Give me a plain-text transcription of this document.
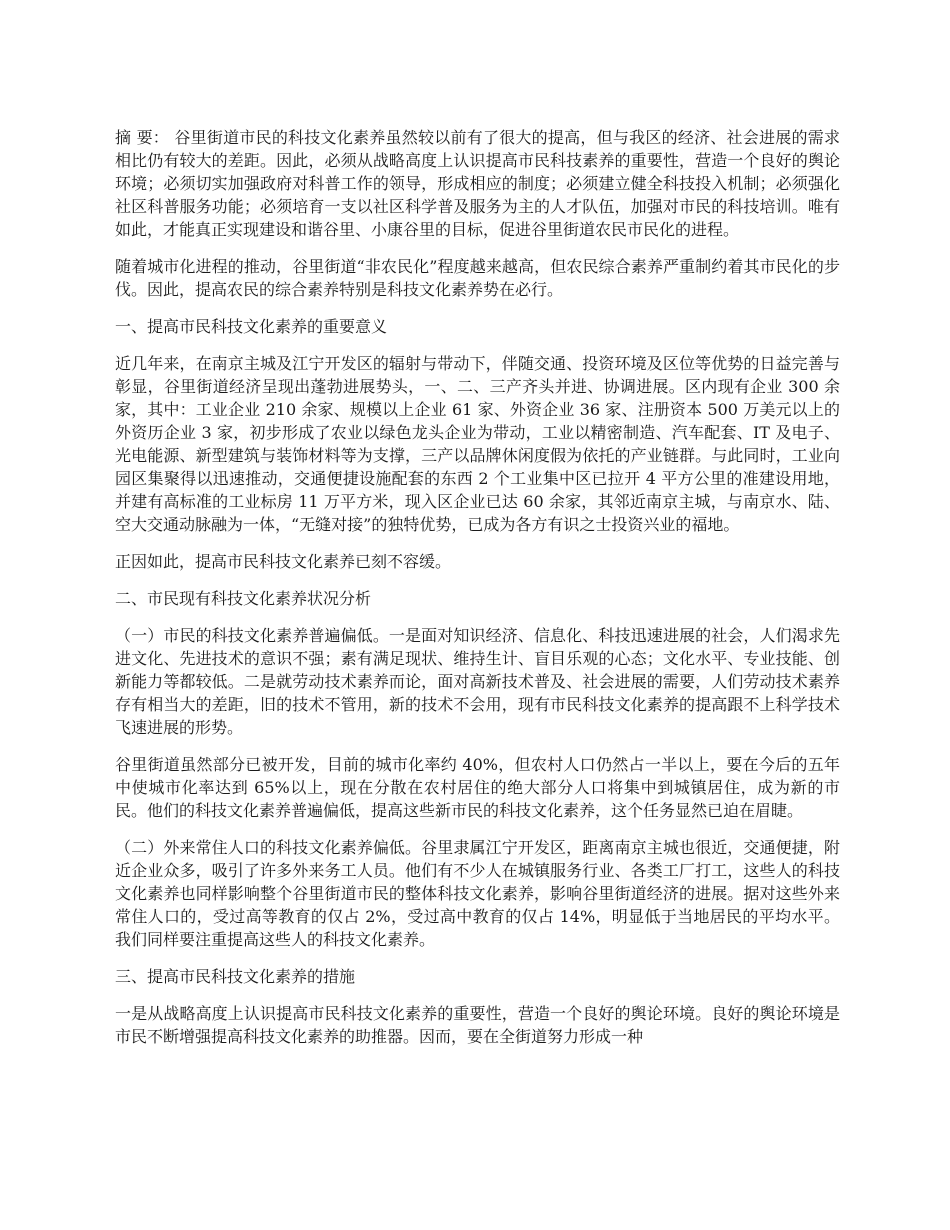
摘 要： 谷里街道市民的科技文化素养虽然较以前有了很大的提高，但与我区的经济、社会进展的需求相比仍有较大的差距。因此，必须从战略高度上认识提高市民科技素养的重要性，营造一个良好的舆论环境；必须切实加强政府对科普工作的领导，形成相应的制度；必须建立健全科技投入机制；必须强化社区科普服务功能；必须培育一支以社区科学普及服务为主的人才队伍，加强对市民的科技培训。唯有如此，才能真正实现建设和谐谷里、小康谷里的目标，促进谷里街道农民市民化的进程。

随着城市化进程的推动，谷里街道“非农民化”程度越来越高，但农民综合素养严重制约着其市民化的步伐。因此，提高农民的综合素养特别是科技文化素养势在必行。

一、提高市民科技文化素养的重要意义

近几年来，在南京主城及江宁开发区的辐射与带动下，伴随交通、投资环境及区位等优势的日益完善与彰显，谷里街道经济呈现出蓬勃进展势头，一、二、三产齐头并进、协调进展。区内现有企业 300 余家，其中：工业企业 210 余家、规模以上企业 61 家、外资企业 36 家、注册资本 500 万美元以上的外资历企业 3 家，初步形成了农业以绿色龙头企业为带动，工业以精密制造、汽车配套、IT 及电子、光电能源、新型建筑与装饰材料等为支撑，三产以品牌休闲度假为依托的产业链群。与此同时，工业向园区集聚得以迅速推动，交通便捷设施配套的东西 2 个工业集中区已拉开 4 平方公里的准建设用地，并建有高标准的工业标房 11 万平方米，现入区企业已达 60 余家，其邻近南京主城，与南京水、陆、空大交通动脉融为一体，“无缝对接”的独特优势，已成为各方有识之士投资兴业的福地。

正因如此，提高市民科技文化素养已刻不容缓。

二、市民现有科技文化素养状况分析

（一）市民的科技文化素养普遍偏低。一是面对知识经济、信息化、科技迅速进展的社会，人们渴求先进文化、先进技术的意识不强；素有满足现状、维持生计、盲目乐观的心态；文化水平、专业技能、创新能力等都较低。二是就劳动技术素养而论，面对高新技术普及、社会进展的需要，人们劳动技术素养存有相当大的差距，旧的技术不管用，新的技术不会用，现有市民科技文化素养的提高跟不上科学技术飞速进展的形势。

谷里街道虽然部分已被开发，目前的城市化率约 40%，但农村人口仍然占一半以上，要在今后的五年中使城市化率达到 65%以上，现在分散在农村居住的绝大部分人口将集中到城镇居住，成为新的市民。他们的科技文化素养普遍偏低，提高这些新市民的科技文化素养，这个任务显然已迫在眉睫。

（二）外来常住人口的科技文化素养偏低。谷里隶属江宁开发区，距离南京主城也很近，交通便捷，附近企业众多，吸引了许多外来务工人员。他们有不少人在城镇服务行业、各类工厂打工，这些人的科技文化素养也同样影响整个谷里街道市民的整体科技文化素养，影响谷里街道经济的进展。据对这些外来常住人口的，受过高等教育的仅占 2%，受过高中教育的仅占 14%，明显低于当地居民的平均水平。我们同样要注重提高这些人的科技文化素养。

三、提高市民科技文化素养的措施

一是从战略高度上认识提高市民科技文化素养的重要性，营造一个良好的舆论环境。良好的舆论环境是市民不断增强提高科技文化素养的助推器。因而，要在全街道努力形成一种
